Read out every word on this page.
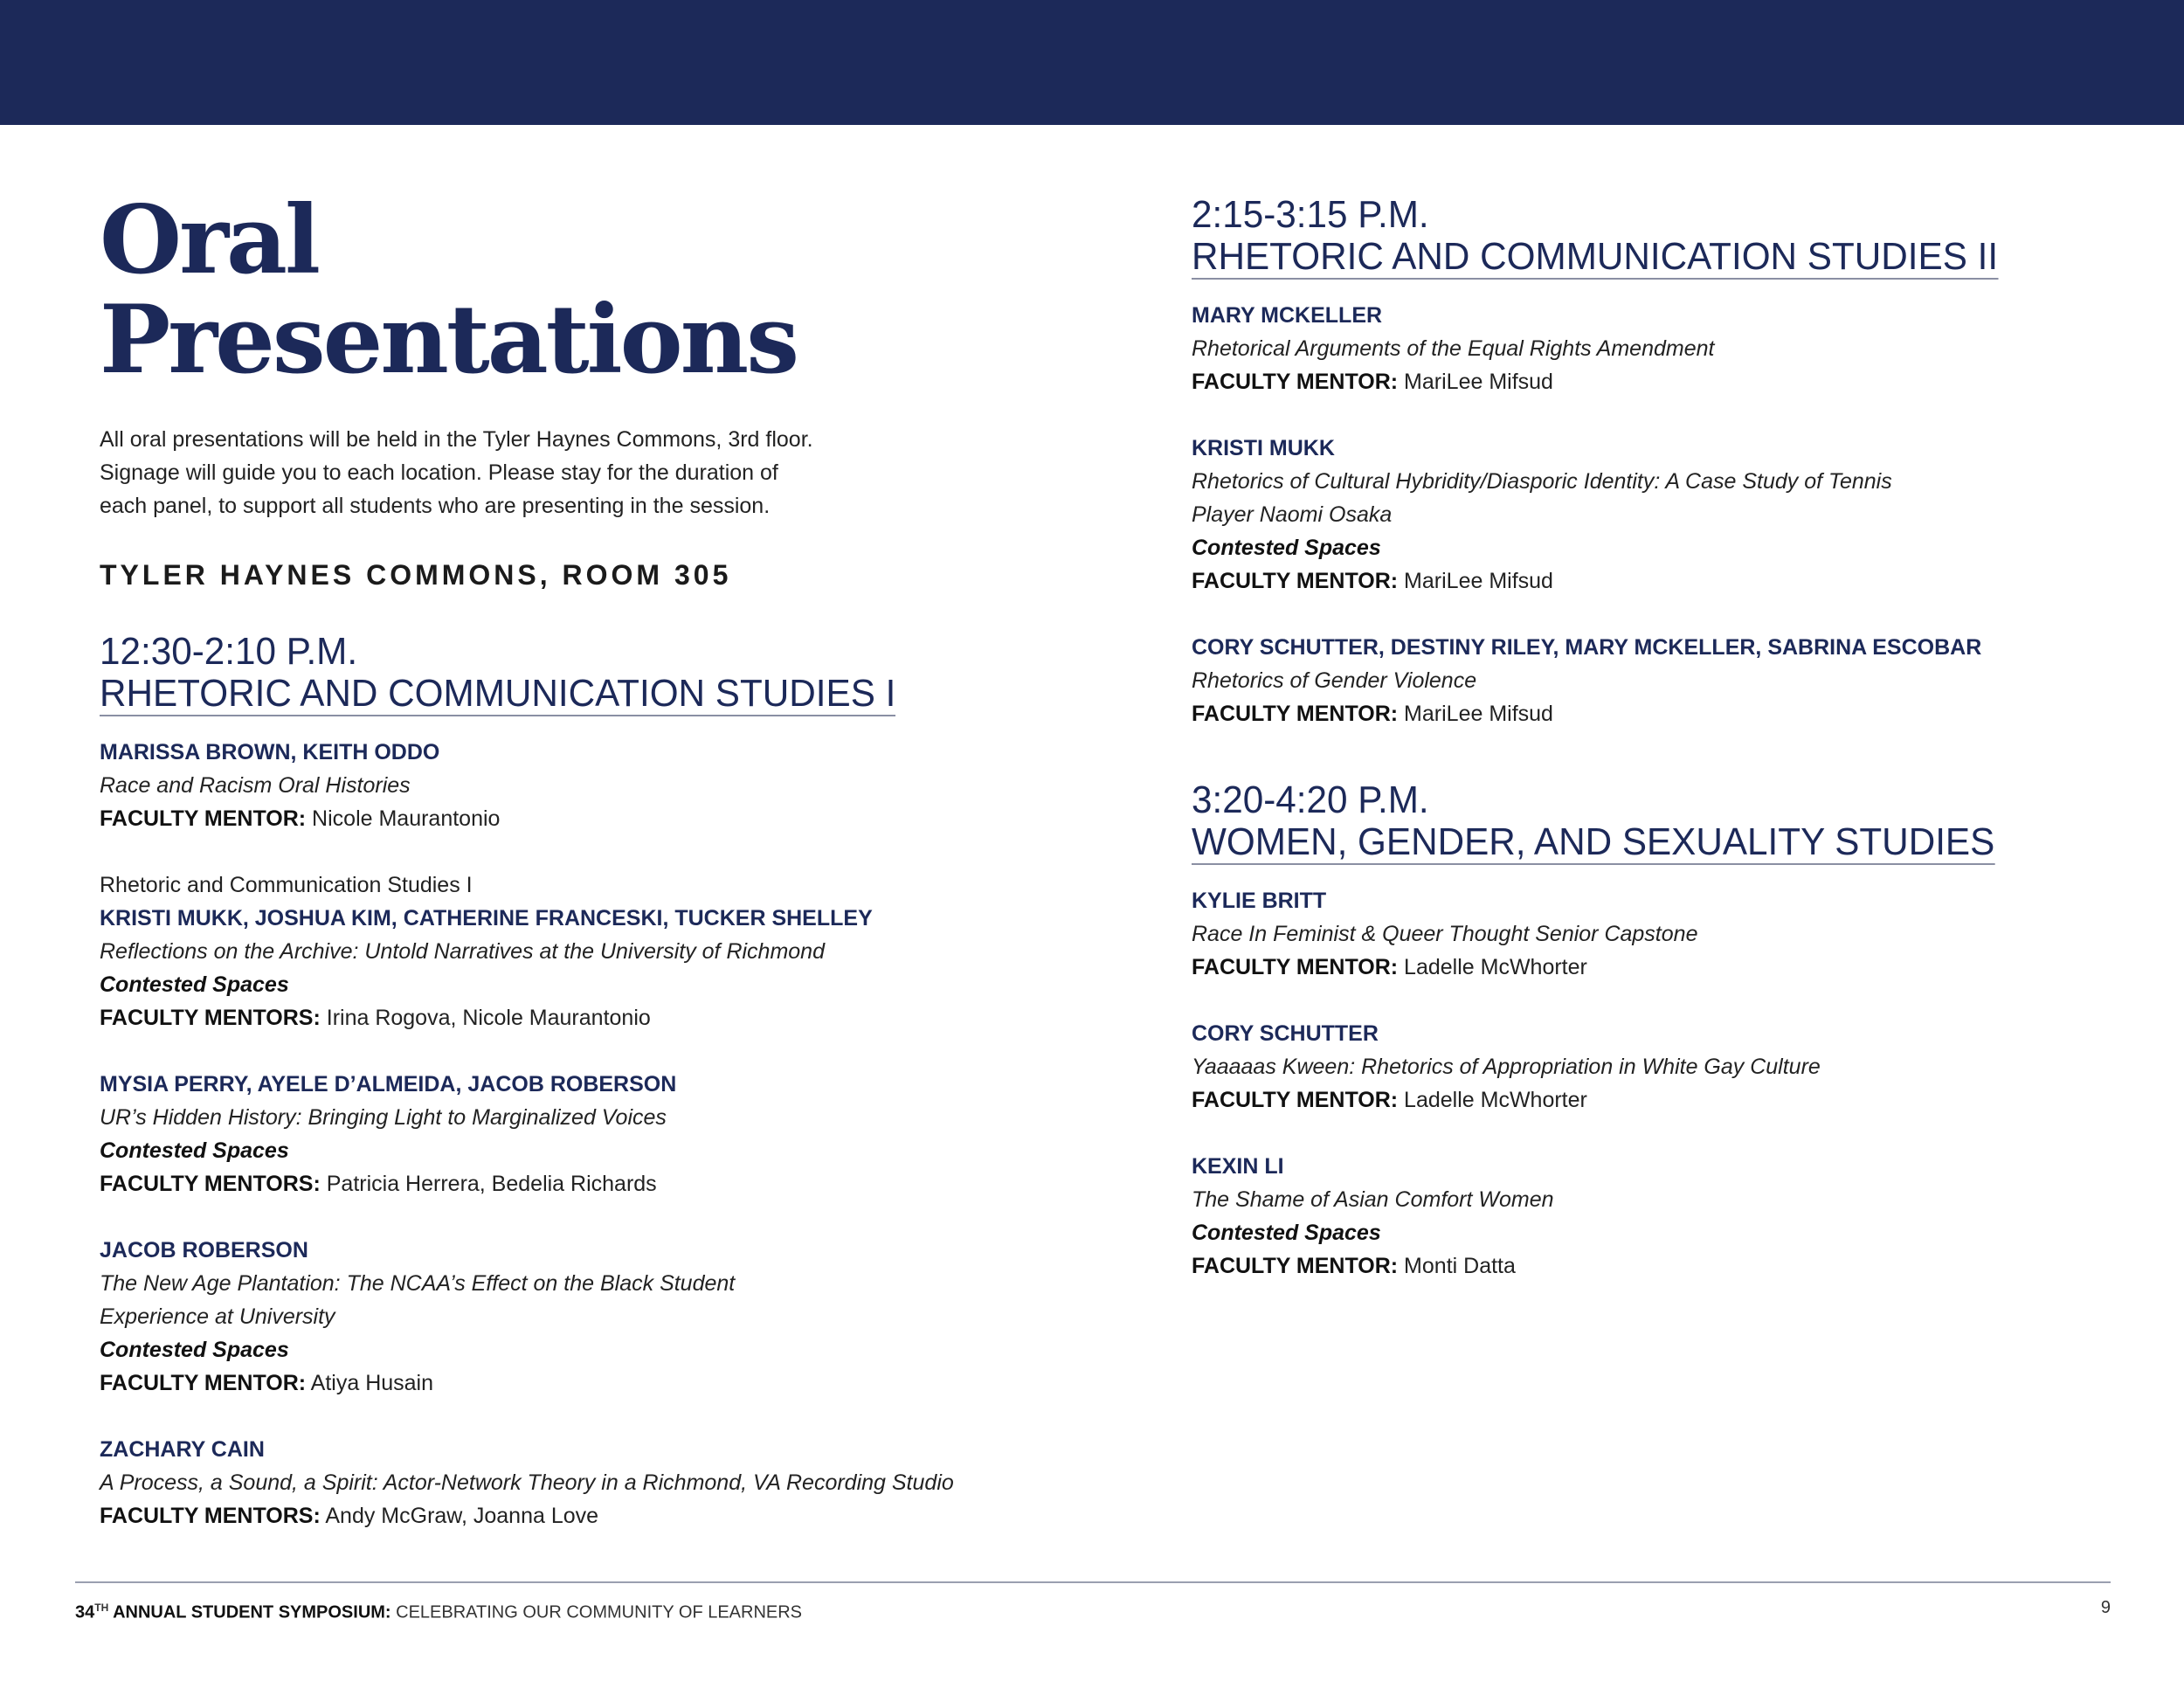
Oral
Presentations
All oral presentations will be held in the Tyler Haynes Commons, 3rd floor.
Signage will guide you to each location. Please stay for the duration of
each panel, to support all students who are presenting in the session.
TYLER HAYNES COMMONS, ROOM 305
12:30-2:10 P.M.
RHETORIC AND COMMUNICATION STUDIES I
MARISSA BROWN, KEITH ODDO
Race and Racism Oral Histories
FACULTY MENTOR: Nicole Maurantonio
Rhetoric and Communication Studies I
KRISTI MUKK, JOSHUA KIM, CATHERINE FRANCESKI, TUCKER SHELLEY
Reflections on the Archive: Untold Narratives at the University of Richmond
Contested Spaces
FACULTY MENTORS: Irina Rogova, Nicole Maurantonio
MYSIA PERRY, AYELE D’ALMEIDA, JACOB ROBERSON
UR’s Hidden History: Bringing Light to Marginalized Voices
Contested Spaces
FACULTY MENTORS: Patricia Herrera, Bedelia Richards
JACOB ROBERSON
The New Age Plantation: The NCAA’s Effect on the Black Student
Experience at University
Contested Spaces
FACULTY MENTOR: Atiya Husain
ZACHARY CAIN
A Process, a Sound, a Spirit: Actor-Network Theory in a Richmond, VA Recording Studio
FACULTY MENTORS: Andy McGraw, Joanna Love
2:15-3:15 P.M.
RHETORIC AND COMMUNICATION STUDIES II
MARY MCKELLER
Rhetorical Arguments of the Equal Rights Amendment
FACULTY MENTOR: MariLee Mifsud
KRISTI MUKK
Rhetorics of Cultural Hybridity/Diasporic Identity: A Case Study of Tennis
Player Naomi Osaka
Contested Spaces
FACULTY MENTOR: MariLee Mifsud
CORY SCHUTTER, DESTINY RILEY, MARY MCKELLER, SABRINA ESCOBAR
Rhetorics of Gender Violence
FACULTY MENTOR: MariLee Mifsud
3:20-4:20 P.M.
WOMEN, GENDER, AND SEXUALITY STUDIES
KYLIE BRITT
Race In Feminist & Queer Thought Senior Capstone
FACULTY MENTOR: Ladelle McWhorter
CORY SCHUTTER
Yaaaaas Kween: Rhetorics of Appropriation in White Gay Culture
FACULTY MENTOR: Ladelle McWhorter
KEXIN LI
The Shame of Asian Comfort Women
Contested Spaces
FACULTY MENTOR: Monti Datta
34TH ANNUAL STUDENT SYMPOSIUM: CELEBRATING OUR COMMUNITY OF LEARNERS	9
